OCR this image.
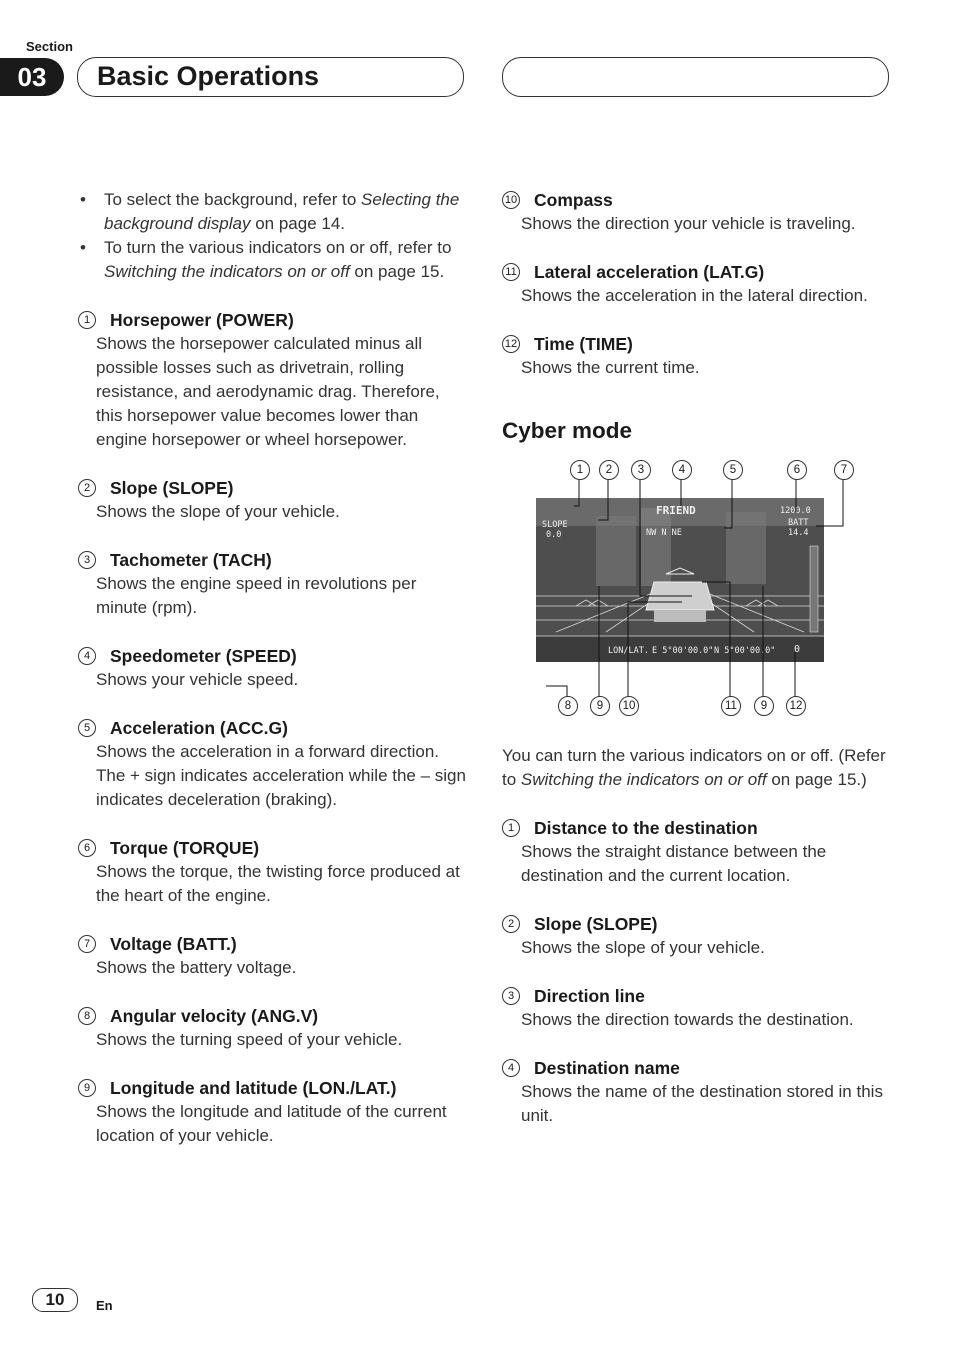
Section
03	Basic Operations
• To select the background, refer to Selecting the background display on page 14.
• To turn the various indicators on or off, refer to Switching the indicators on or off on page 15.
1	Horsepower (POWER)
Shows the horsepower calculated minus all possible losses such as drivetrain, rolling resistance, and aerodynamic drag. Therefore, this horsepower value becomes lower than engine horsepower or wheel horsepower.
2	Slope (SLOPE)
Shows the slope of your vehicle.
3	Tachometer (TACH)
Shows the engine speed in revolutions per minute (rpm).
4	Speedometer (SPEED)
Shows your vehicle speed.
5	Acceleration (ACC.G)
Shows the acceleration in a forward direction. The + sign indicates acceleration while the – sign indicates deceleration (braking).
6	Torque (TORQUE)
Shows the torque, the twisting force produced at the heart of the engine.
7	Voltage (BATT.)
Shows the battery voltage.
8	Angular velocity (ANG.V)
Shows the turning speed of your vehicle.
9	Longitude and latitude (LON./LAT.)
Shows the longitude and latitude of the current location of your vehicle.
10 Compass
Shows the direction your vehicle is traveling.
11 Lateral acceleration (LAT.G)
Shows the acceleration in the lateral direction.
12 Time (TIME)
Shows the current time.
Cyber mode
1	2	3	4	5	6	7
FRIEND
SLOPE
0.0
1200.0
BATT
14.4
NW N NE
LON/LAT. E 5°00'00.0" N 5°00'00.0" 0
8	9	10	11	9	12
You can turn the various indicators on or off. (Refer to Switching the indicators on or off on page 15.)
1	Distance to the destination
Shows the straight distance between the destination and the current location.
2	Slope (SLOPE)
Shows the slope of your vehicle.
3	Direction line
Shows the direction towards the destination.
4	Destination name
Shows the name of the destination stored in this unit.
10	En
